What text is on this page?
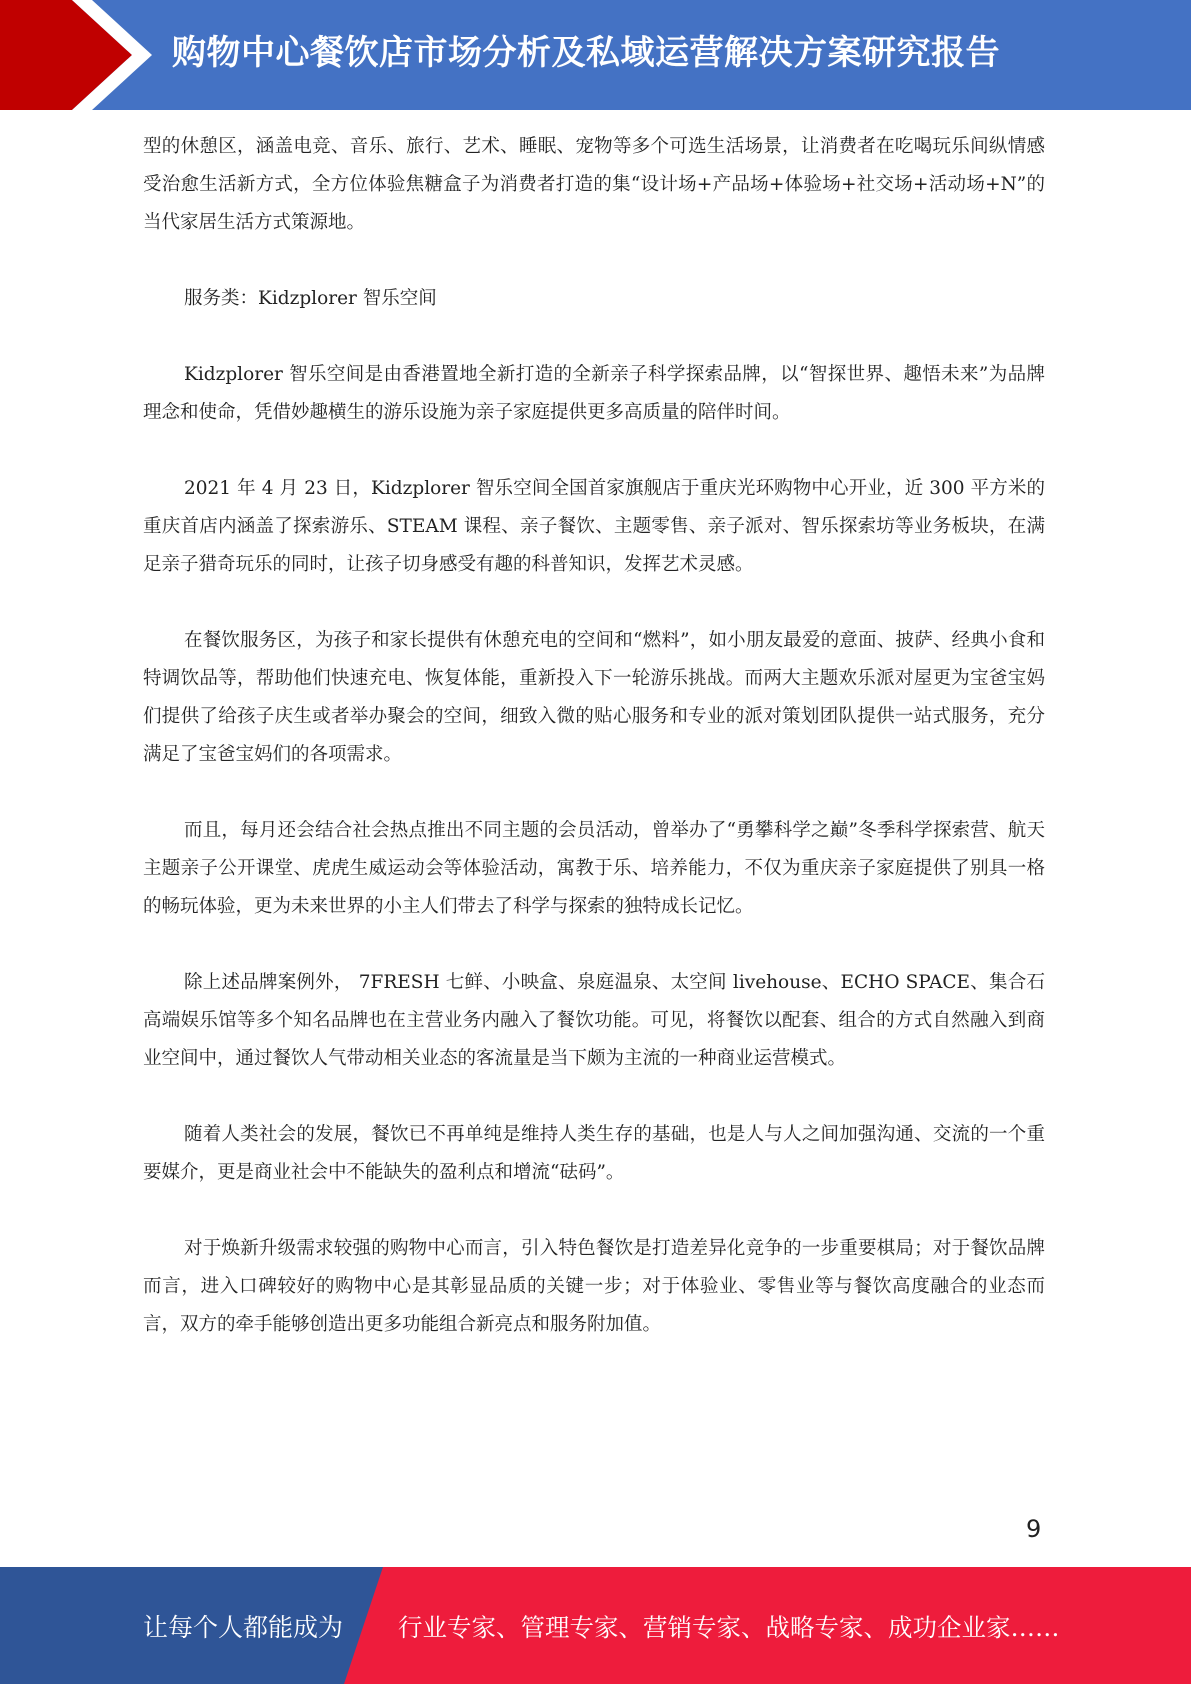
购物中心餐饮店市场分析及私域运营解决方案研究报告

型的休憩区，涵盖电竞、音乐、旅行、艺术、睡眠、宠物等多个可选生活场景，让消费者在吃喝玩乐间纵情感受治愈生活新方式，全方位体验焦糖盒子为消费者打造的集“设计场+产品场+体验场+社交场+活动场+N”的当代家居生活方式策源地。

服务类：Kidzplorer 智乐空间

Kidzplorer 智乐空间是由香港置地全新打造的全新亲子科学探索品牌，以“智探世界、趣悟未来”为品牌理念和使命，凭借妙趣横生的游乐设施为亲子家庭提供更多高质量的陪伴时间。

2021 年 4 月 23 日，Kidzplorer 智乐空间全国首家旗舰店于重庆光环购物中心开业，近 300 平方米的重庆首店内涵盖了探索游乐、STEAM 课程、亲子餐饮、主题零售、亲子派对、智乐探索坊等业务板块，在满足亲子猎奇玩乐的同时，让孩子切身感受有趣的科普知识，发挥艺术灵感。

在餐饮服务区，为孩子和家长提供有休憩充电的空间和“燃料”，如小朋友最爱的意面、披萨、经典小食和特调饮品等，帮助他们快速充电、恢复体能，重新投入下一轮游乐挑战。而两大主题欢乐派对屋更为宝爸宝妈们提供了给孩子庆生或者举办聚会的空间，细致入微的贴心服务和专业的派对策划团队提供一站式服务，充分满足了宝爸宝妈们的各项需求。

而且，每月还会结合社会热点推出不同主题的会员活动，曾举办了“勇攀科学之巅”冬季科学探索营、航天主题亲子公开课堂、虎虎生威运动会等体验活动，寓教于乐、培养能力，不仅为重庆亲子家庭提供了别具一格的畅玩体验，更为未来世界的小主人们带去了科学与探索的独特成长记忆。

除上述品牌案例外， 7FRESH 七鲜、小映盒、泉庭温泉、太空间 livehouse、ECHO SPACE、集合石高端娱乐馆等多个知名品牌也在主营业务内融入了餐饮功能。可见，将餐饮以配套、组合的方式自然融入到商业空间中，通过餐饮人气带动相关业态的客流量是当下颇为主流的一种商业运营模式。

随着人类社会的发展，餐饮已不再单纯是维持人类生存的基础，也是人与人之间加强沟通、交流的一个重要媒介，更是商业社会中不能缺失的盈利点和增流“砝码”。

对于焕新升级需求较强的购物中心而言，引入特色餐饮是打造差异化竞争的一步重要棋局；对于餐饮品牌而言，进入口碑较好的购物中心是其彰显品质的关键一步；对于体验业、零售业等与餐饮高度融合的业态而言，双方的牵手能够创造出更多功能组合新亮点和服务附加值。

9
让每个人都能成为 行业专家、管理专家、营销专家、战略专家、成功企业家……
